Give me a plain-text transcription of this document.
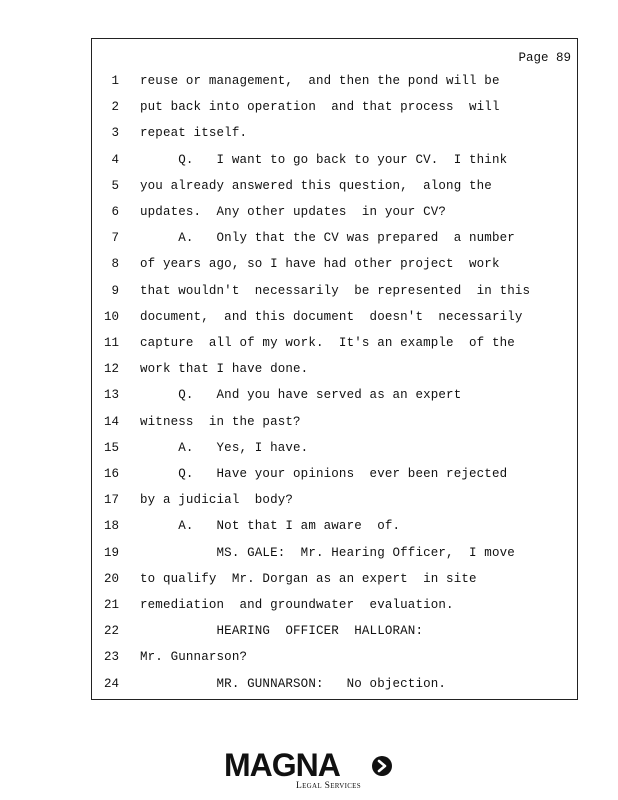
Page 89
1 reuse or management,  and then the pond will be
2 put back into operation  and that process  will
3 repeat itself.
4 Q.   I want to go back to your CV.  I think
5 you already answered this question,  along the
6 updates.  Any other updates  in your CV?
7 A.   Only that the CV was prepared  a number
8 of years ago, so I have had other project  work
9 that wouldn't  necessarily  be represented  in this
10 document,  and this document  doesn't  necessarily
11 capture  all of my work.  It's an example  of the
12 work that I have done.
13 Q.   And you have served as an expert
14 witness  in the past?
15 A.   Yes, I have.
16 Q.   Have your opinions  ever been rejected
17 by a judicial  body?
18 A.   Not that I am aware  of.
19 MS. GALE:  Mr. Hearing Officer,  I move
20 to qualify  Mr. Dorgan as an expert  in site
21 remediation  and groundwater  evaluation.
22 HEARING  OFFICER  HALLORAN:
23 Mr. Gunnarson?
24 MR. GUNNARSON:   No objection.
MAGNA
Legal Services
